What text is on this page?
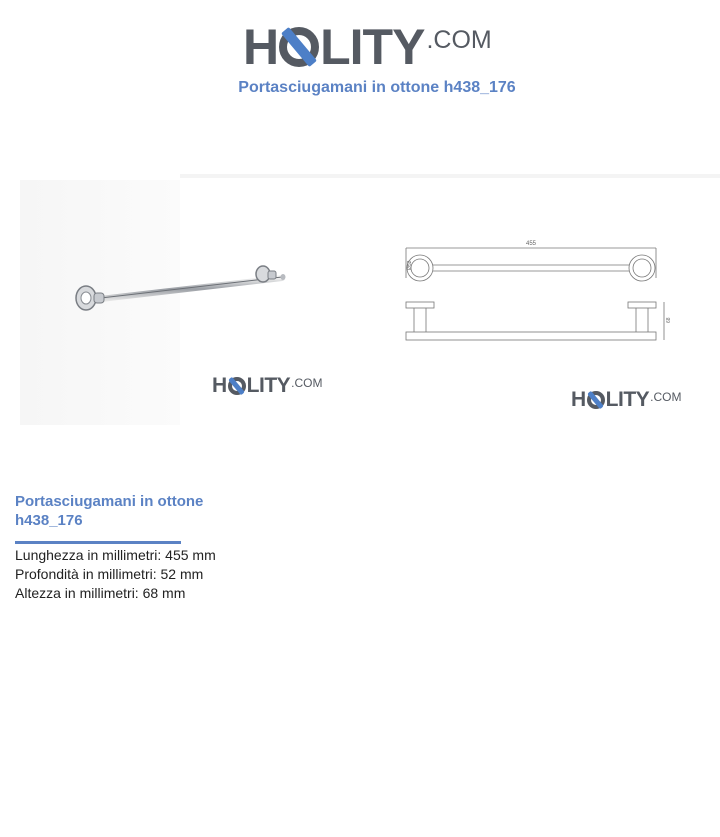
H LITY .COM
Portasciugamani in ottone h438_176
455
Ø52
68
H LITY .COM
H LITY .COM
Portasciugamani in ottone h438_176
Lunghezza in millimetri: 455 mm
Profondità in millimetri: 52 mm
Altezza in millimetri: 68 mm
